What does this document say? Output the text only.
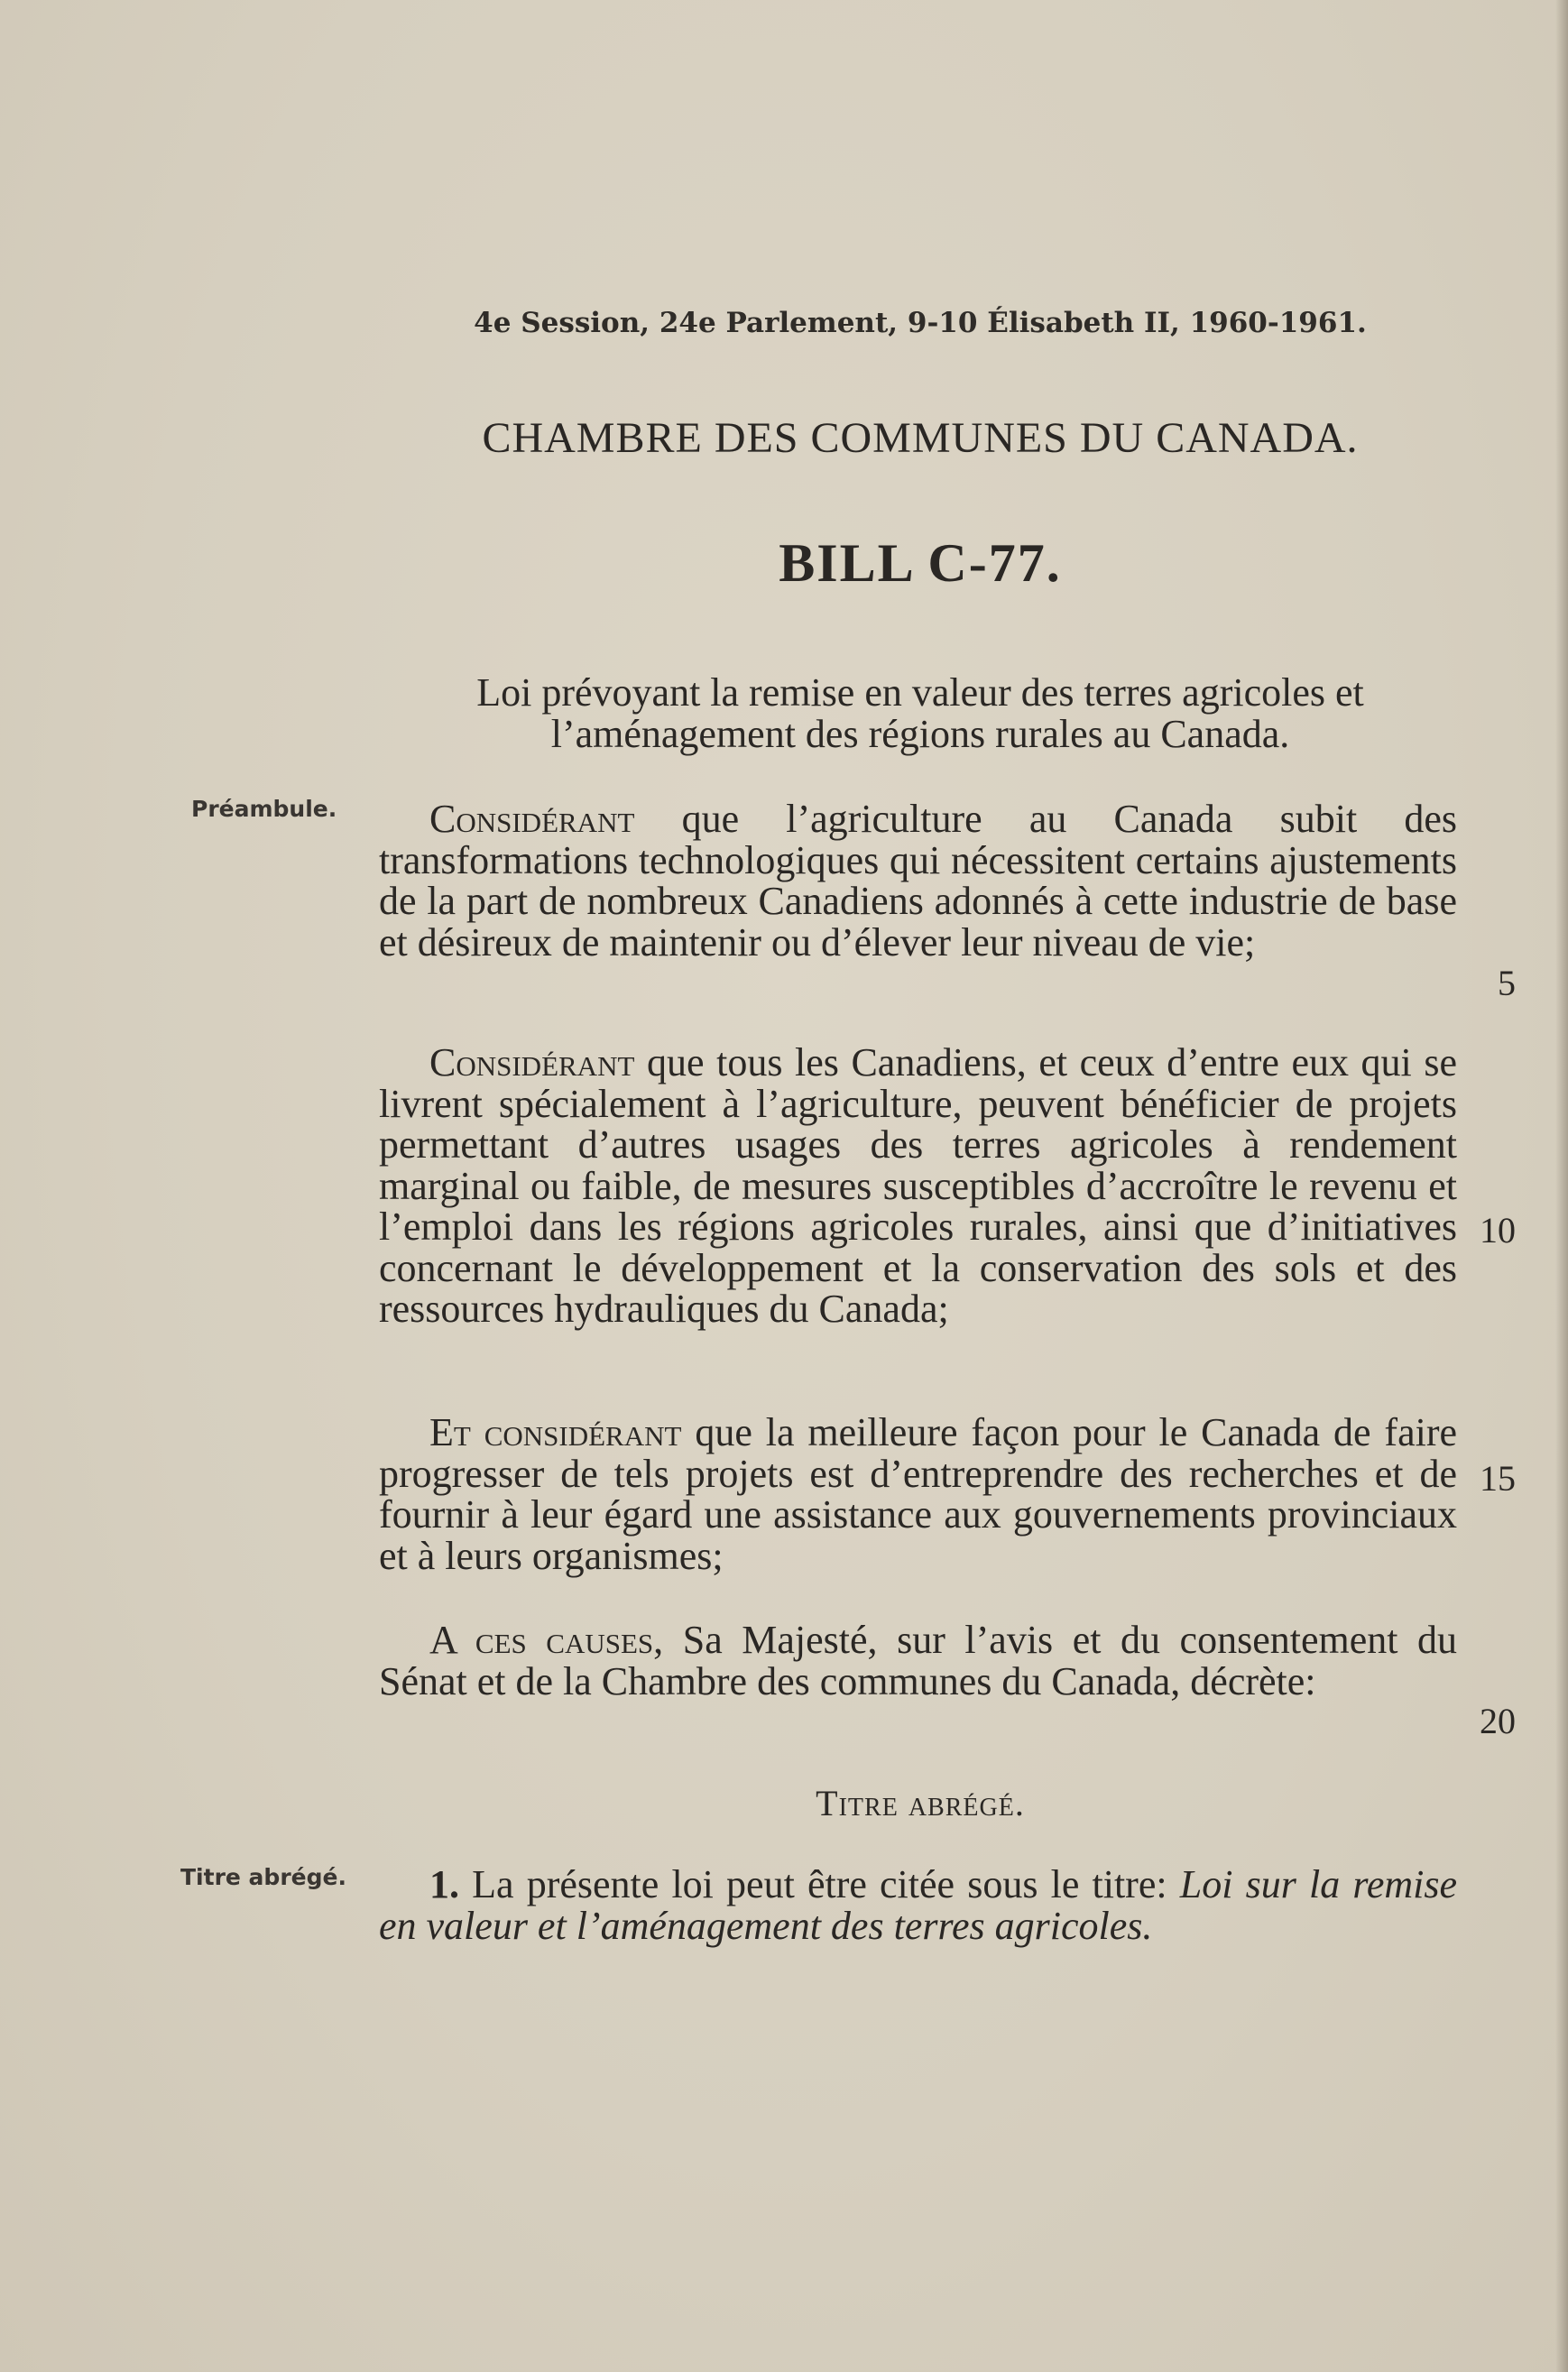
4e Session, 24e Parlement, 9-10 Élisabeth II, 1960-1961.
CHAMBRE DES COMMUNES DU CANADA.
BILL C-77.
Loi prévoyant la remise en valeur des terres agricoles et
l’aménagement des régions rurales au Canada.
Préambule.	Considérant que l’agriculture au Canada subit des transformations technologiques qui nécessitent certains ajustements de la part de nombreux Canadiens adonnés à cette industrie de base et désireux de maintenir ou d’élever leur niveau de vie;
5
Considérant que tous les Canadiens, et ceux d’entre eux qui se livrent spécialement à l’agriculture, peuvent bénéficier de projets permettant d’autres usages des terres agricoles à rendement marginal ou faible, de mesures susceptibles d’accroître le revenu et l’emploi dans les régions agricoles rurales, ainsi que d’initiatives concernant le développement et la conservation des sols et des ressources hydrauliques du Canada;
10
Et considérant que la meilleure façon pour le Canada de faire progresser de tels projets est d’entreprendre des recherches et de fournir à leur égard une assistance aux gouvernements provinciaux et à leurs organismes;
15
A ces causes, Sa Majesté, sur l’avis et du consentement du Sénat et de la Chambre des communes du Canada, décrète:
20
Titre abrégé.
Titre abrégé.	1. La présente loi peut être citée sous le titre: Loi sur la remise en valeur et l’aménagement des terres agricoles.
